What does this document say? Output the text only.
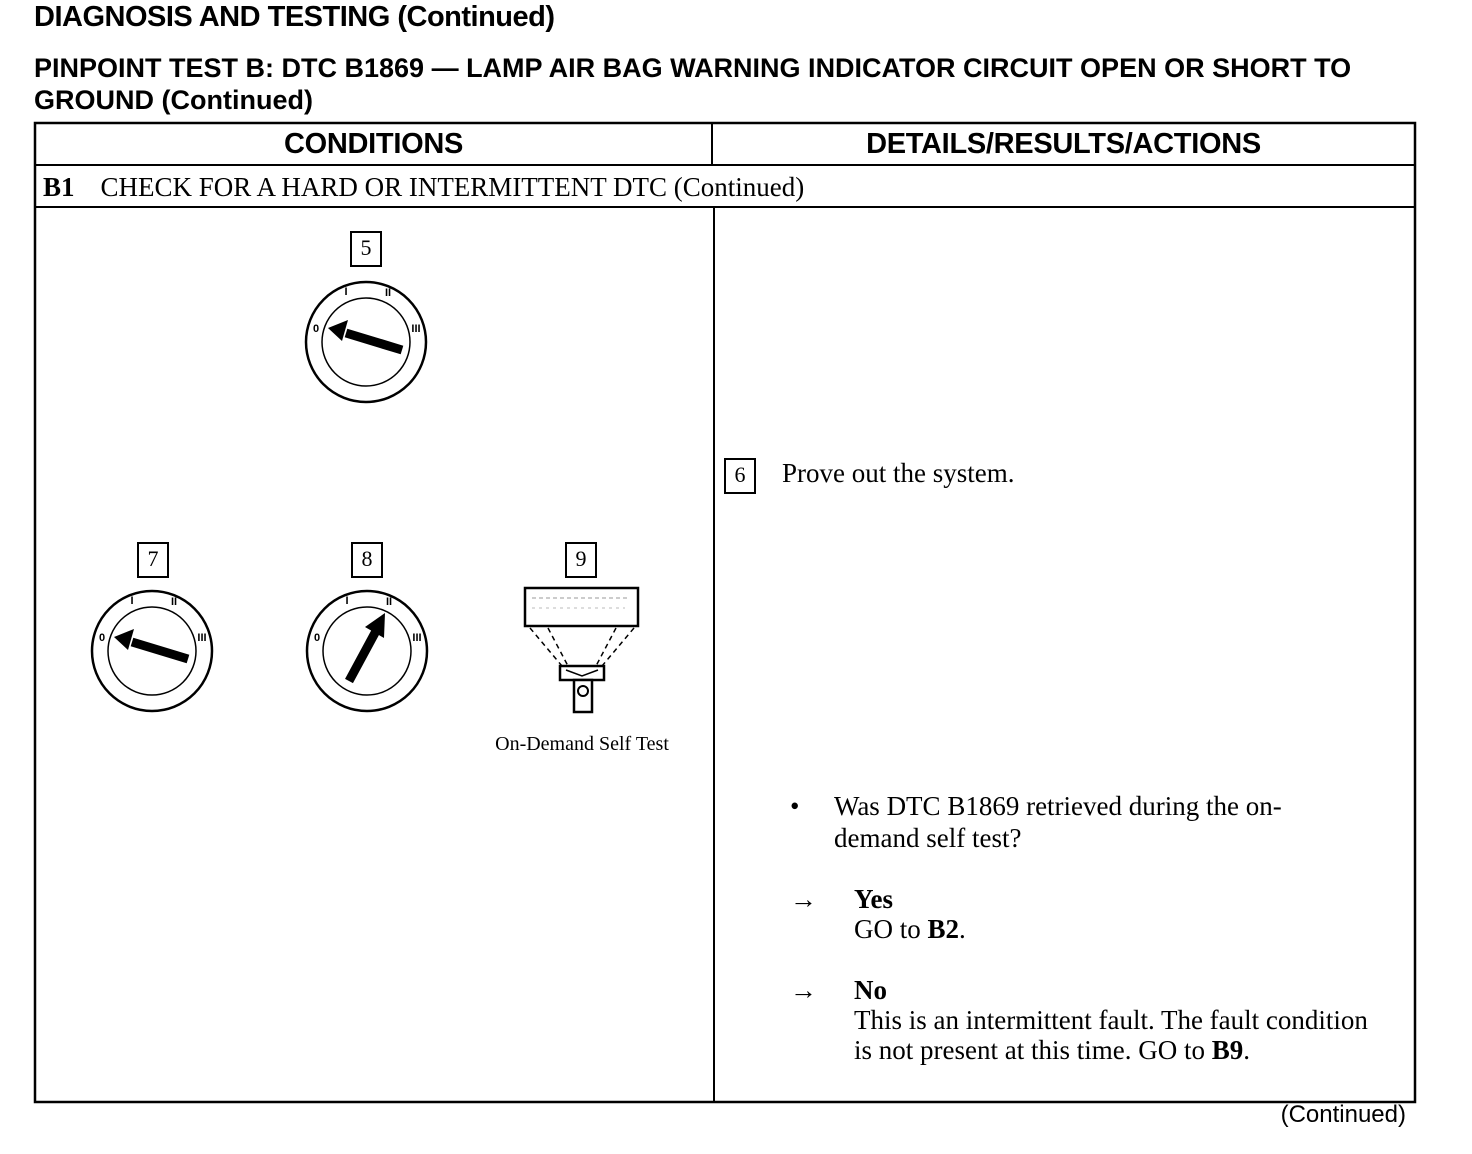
DIAGNOSIS AND TESTING (Continued)
PINPOINT TEST B: DTC B1869 — LAMP AIR BAG WARNING INDICATOR CIRCUIT OPEN OR SHORT TO GROUND (Continued)
0
I	II
III
0
I	II
III	0
I	II
III
CONDITIONS	DETAILS/RESULTS/ACTIONS
B1 CHECK FOR A HARD OR INTERMITTENT DTC (Continued)
5
7	8	9
On-Demand Self Test
6	Prove out the system.
• Was DTC B1869 retrieved during the on-demand self test?
→ Yes
GO to B2.
→ No
This is an intermittent fault. The fault condition is not present at this time. GO to B9.
(Continued)
